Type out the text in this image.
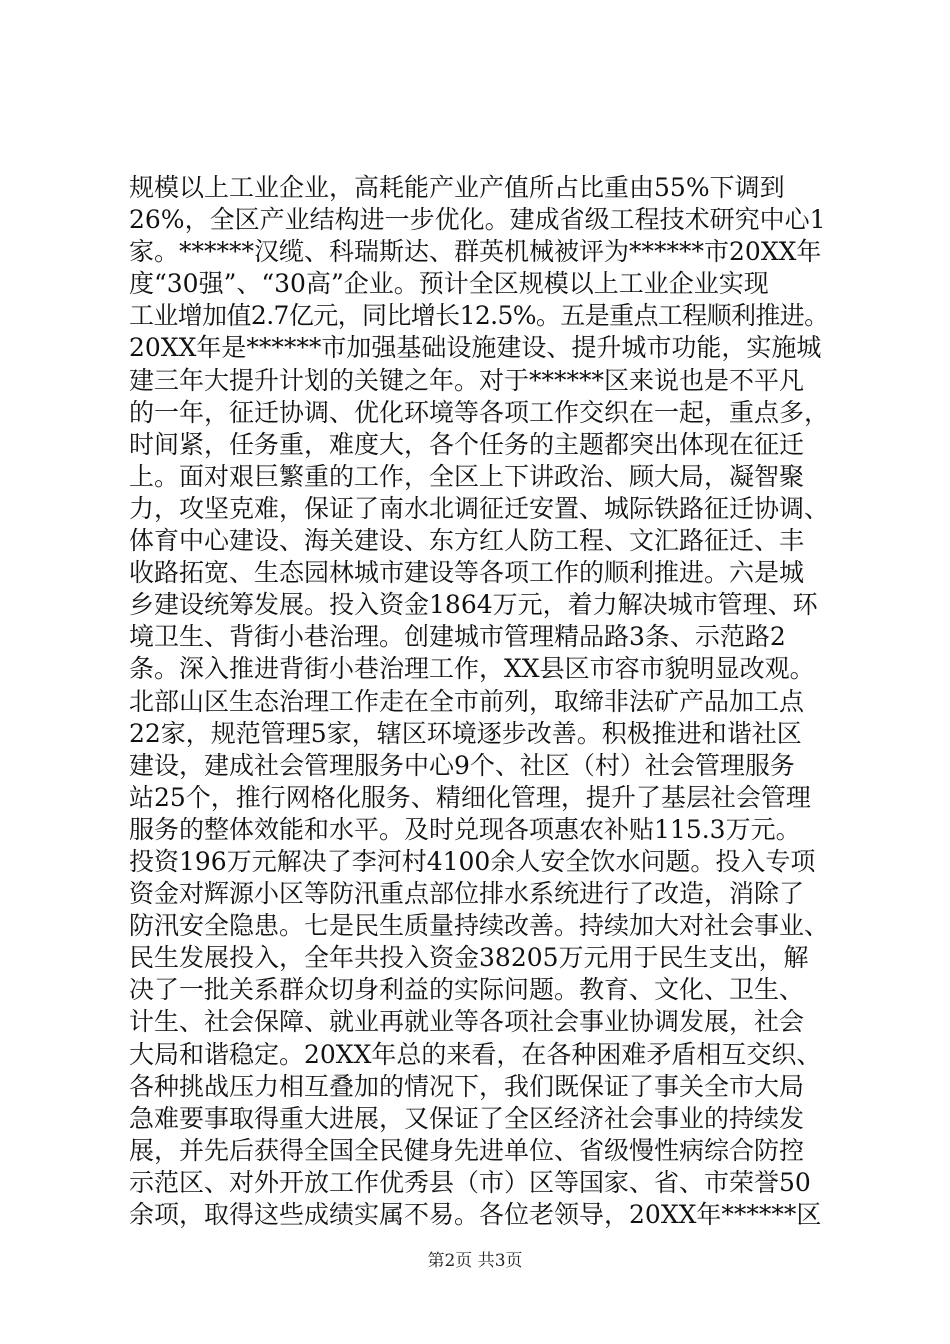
规模以上工业企业，高耗能产业产值所占比重由55%下调到
26%，全区产业结构进一步优化。建成省级工程技术研究中心1
家。******汉缆、科瑞斯达、群英机械被评为******市20XX年
度“30强”、“30高”企业。预计全区规模以上工业企业实现
工业增加值2.7亿元，同比增长12.5%。五是重点工程顺利推进。
20XX年是******市加强基础设施建设、提升城市功能，实施城
建三年大提升计划的关键之年。对于******区来说也是不平凡
的一年，征迁协调、优化环境等各项工作交织在一起，重点多，
时间紧，任务重，难度大，各个任务的主题都突出体现在征迁
上。面对艰巨繁重的工作，全区上下讲政治、顾大局，凝智聚
力，攻坚克难，保证了南水北调征迁安置、城际铁路征迁协调、
体育中心建设、海关建设、东方红人防工程、文汇路征迁、丰
收路拓宽、生态园林城市建设等各项工作的顺利推进。六是城
乡建设统筹发展。投入资金1864万元，着力解决城市管理、环
境卫生、背街小巷治理。创建城市管理精品路3条、示范路2
条。深入推进背街小巷治理工作，XX县区市容市貌明显改观。
北部山区生态治理工作走在全市前列，取缔非法矿产品加工点
22家，规范管理5家，辖区环境逐步改善。积极推进和谐社区
建设，建成社会管理服务中心9个、社区（村）社会管理服务
站25个，推行网格化服务、精细化管理，提升了基层社会管理
服务的整体效能和水平。及时兑现各项惠农补贴115.3万元。
投资196万元解决了李河村4100余人安全饮水问题。投入专项
资金对辉源小区等防汛重点部位排水系统进行了改造，消除了
防汛安全隐患。七是民生质量持续改善。持续加大对社会事业、
民生发展投入，全年共投入资金38205万元用于民生支出，解
决了一批关系群众切身利益的实际问题。教育、文化、卫生、
计生、社会保障、就业再就业等各项社会事业协调发展，社会
大局和谐稳定。20XX年总的来看，在各种困难矛盾相互交织、
各种挑战压力相互叠加的情况下，我们既保证了事关全市大局
急难要事取得重大进展，又保证了全区经济社会事业的持续发
展，并先后获得全国全民健身先进单位、省级慢性病综合防控
示范区、对外开放工作优秀县（市）区等国家、省、市荣誉50
余项，取得这些成绩实属不易。各位老领导，20XX年******区
第2页 共3页
